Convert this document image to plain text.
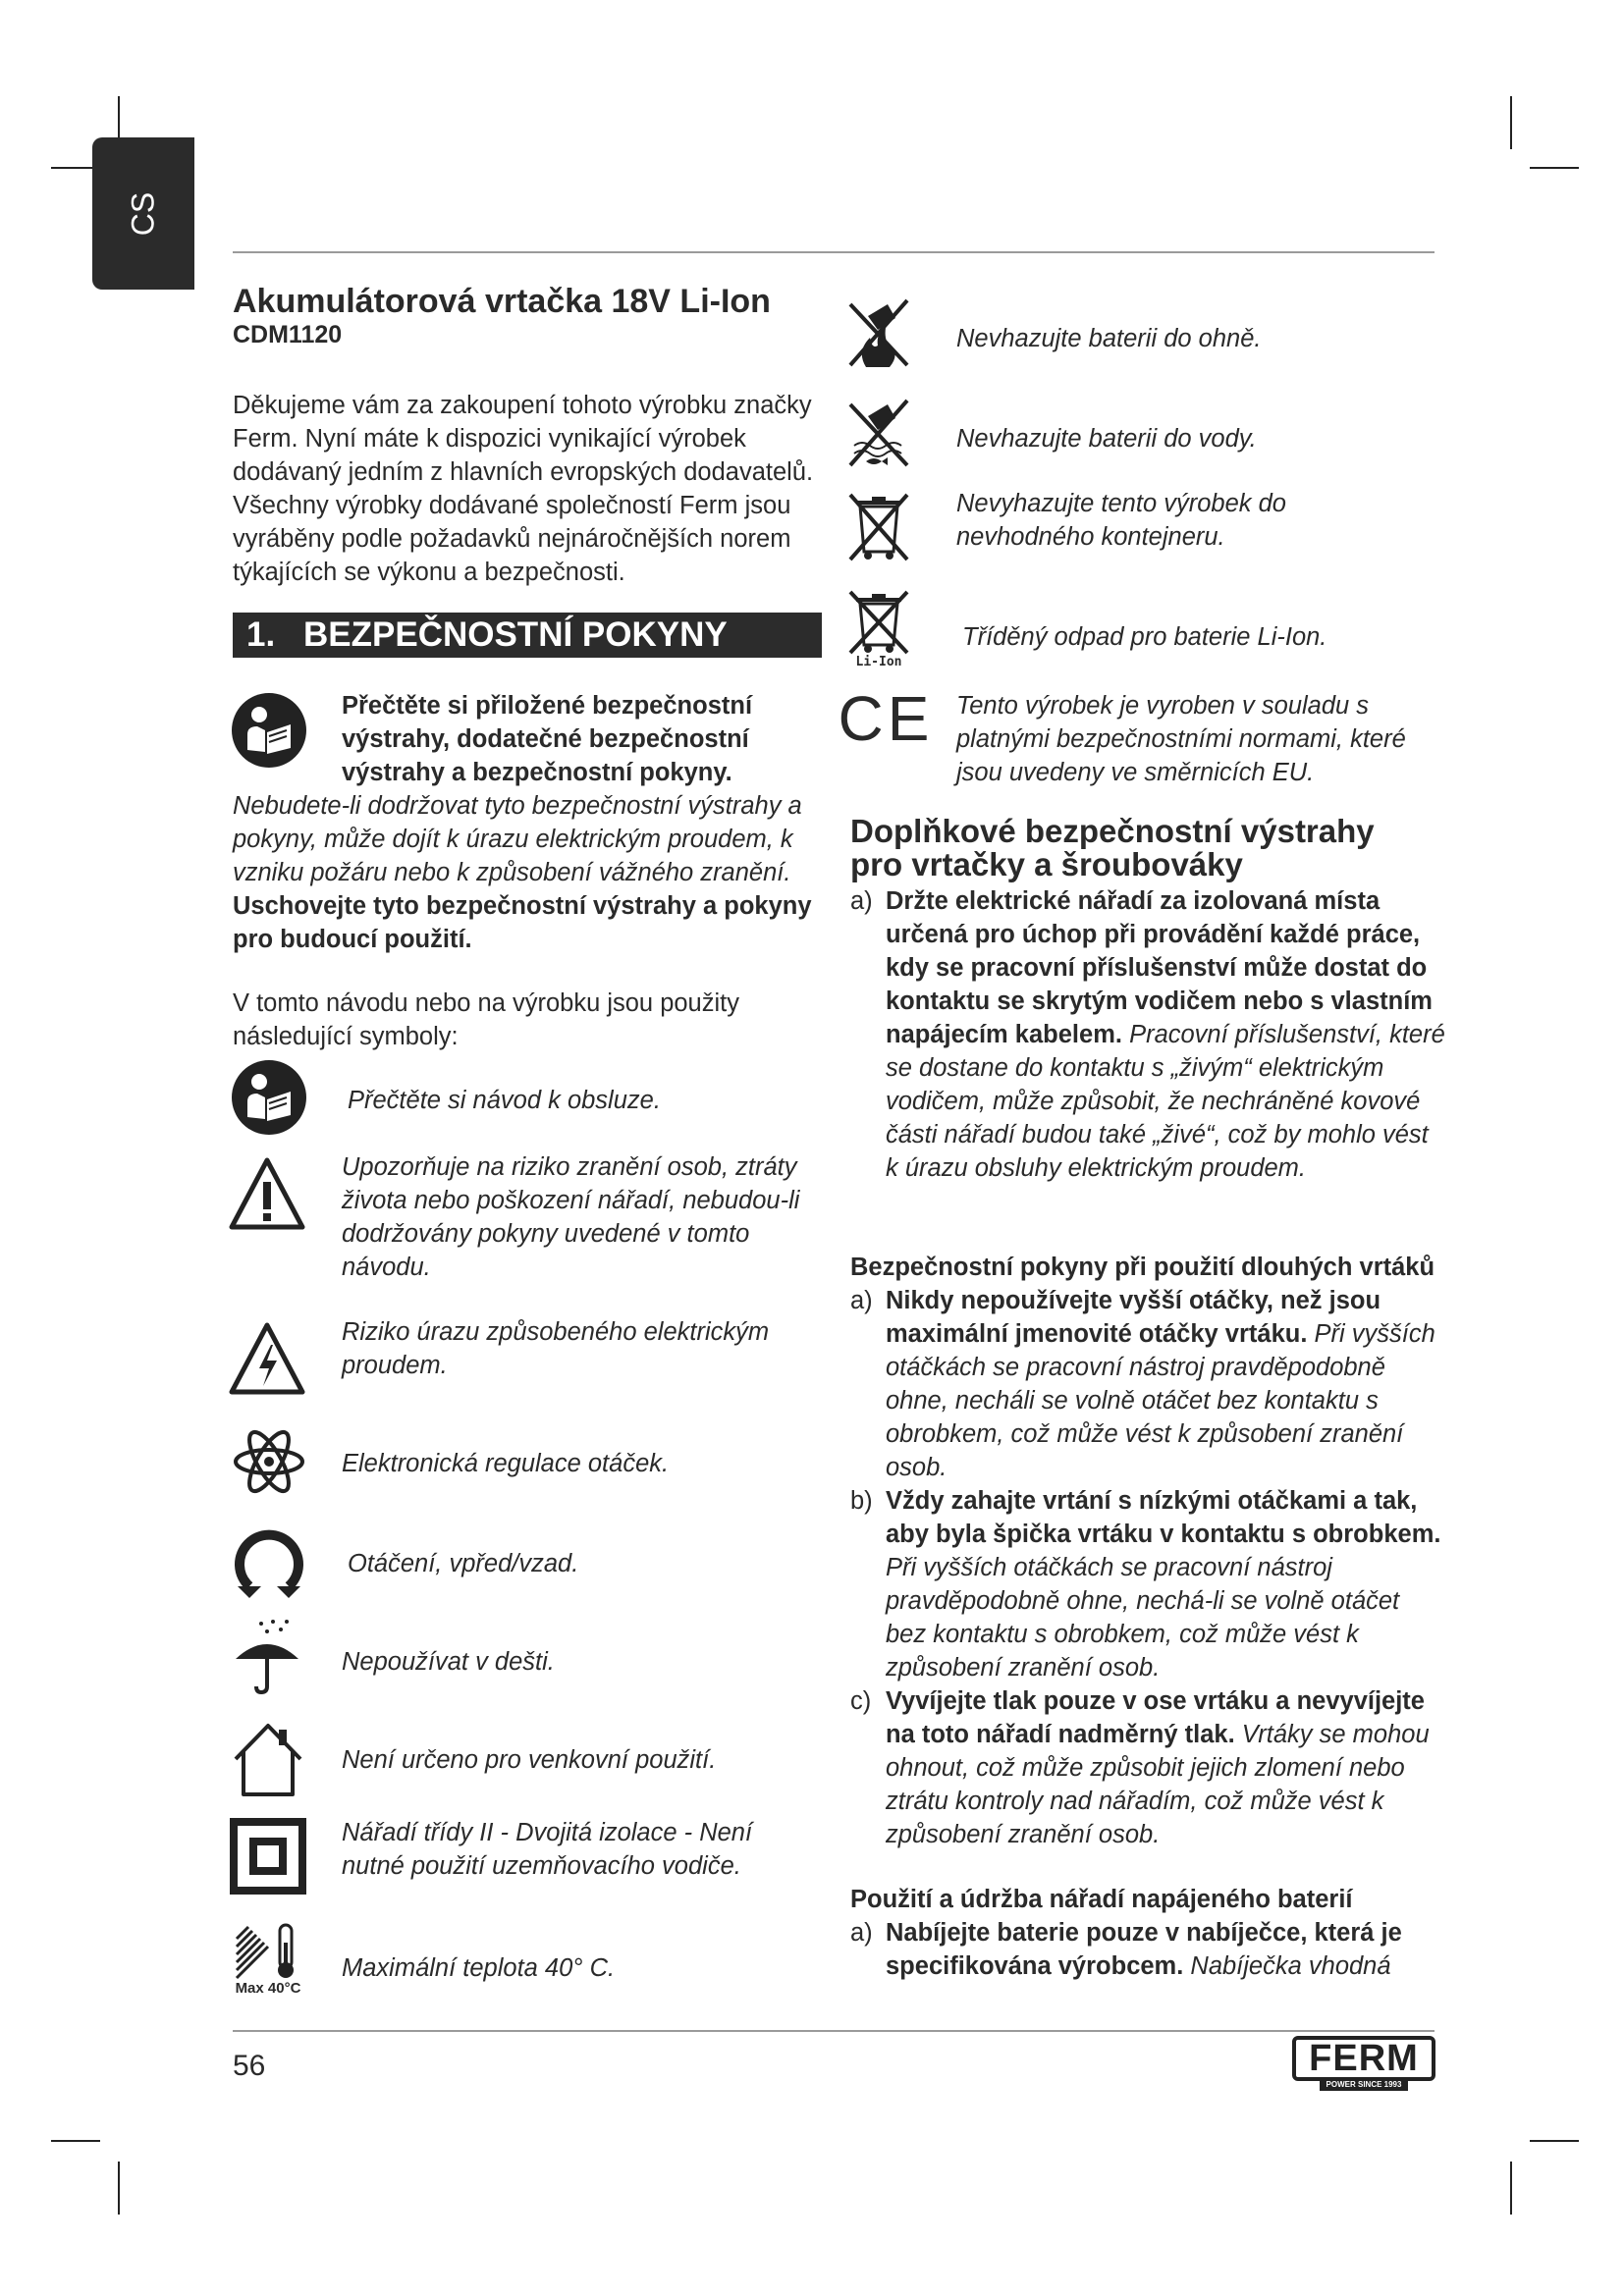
CS
Akumulátorová vrtačka 18V Li-Ion
CDM1120
Děkujeme vám za zakoupení tohoto výrobku značky Ferm. Nyní máte k dispozici vynikající výrobek dodávaný jedním z hlavních evropských dodavatelů. Všechny výrobky dodávané společností Ferm jsou vyráběny podle požadavků nejnáročnějších norem týkajících se výkonu a bezpečnosti.
1. BEZPEČNOSTNÍ POKYNY
Přečtěte si přiložené bezpečnostní výstrahy, dodatečné bezpečnostní výstrahy a bezpečnostní pokyny.
Nebudete-li dodržovat tyto bezpečnostní výstrahy a pokyny, může dojít k úrazu elektrickým proudem, k vzniku požáru nebo k způsobení vážného zranění. Uschovejte tyto bezpečnostní výstrahy a pokyny pro budoucí použití.
V tomto návodu nebo na výrobku jsou použity následující symboly:
Přečtěte si návod k obsluze.
Upozorňuje na riziko zranění osob, ztráty života nebo poškození nářadí, nebudou-li dodržovány pokyny uvedené v tomto návodu.
Riziko úrazu způsobeného elektrickým proudem.
Elektronická regulace otáček.
Otáčení, vpřed/vzad.
Nepoužívat v dešti.
Není určeno pro venkovní použití.
Nářadí třídy II - Dvojitá izolace - Není nutné použití uzemňovacího vodiče.
Max 40°C
Maximální teplota 40° C.
Nevhazujte baterii do ohně.
Nevhazujte baterii do vody.
Nevyhazujte tento výrobek do nevhodného kontejneru.
Li-Ion
Tříděný odpad pro baterie Li-Ion.
CE Tento výrobek je vyroben v souladu s platnými bezpečnostními normami, které jsou uvedeny ve směrnicích EU.
Doplňkové bezpečnostní výstrahy pro vrtačky a šroubováky
a) Držte elektrické nářadí za izolovaná místa určená pro úchop při provádění každé práce, kdy se pracovní příslušenství může dostat do kontaktu se skrytým vodičem nebo s vlastním napájecím kabelem. Pracovní příslušenství, které se dostane do kontaktu s „živým“ elektrickým vodičem, může způsobit, že nechráněné kovové části nářadí budou také „živé“, což by mohlo vést k úrazu obsluhy elektrickým proudem.
Bezpečnostní pokyny při použití dlouhých vrtáků
a) Nikdy nepoužívejte vyšší otáčky, než jsou maximální jmenovité otáčky vrtáku. Při vyšších otáčkách se pracovní nástroj pravděpodobně ohne, necháli se volně otáčet bez kontaktu s obrobkem, což může vést k způsobení zranění osob.
b) Vždy zahajte vrtání s nízkými otáčkami a tak, aby byla špička vrtáku v kontaktu s obrobkem. Při vyšších otáčkách se pracovní nástroj pravděpodobně ohne, nechá-li se volně otáčet bez kontaktu s obrobkem, což může vést k způsobení zranění osob.
c) Vyvíjejte tlak pouze v ose vrtáku a nevyvíjejte na toto nářadí nadměrný tlak. Vrtáky se mohou ohnout, což může způsobit jejich zlomení nebo ztrátu kontroly nad nářadím, což může vést k způsobení zranění osob.
Použití a údržba nářadí napájeného baterií
a) Nabíjejte baterie pouze v nabíječce, která je specifikována výrobcem. Nabíječka vhodná
56	FERM
POWER SINCE 1993
